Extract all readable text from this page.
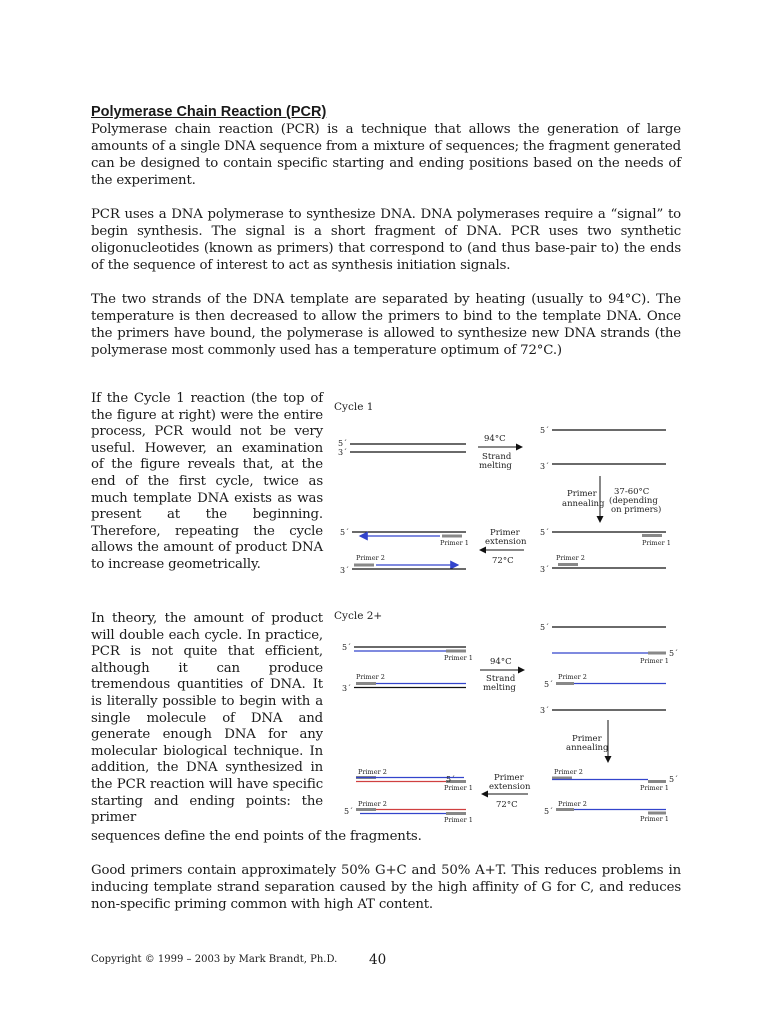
Polymerase Chain Reaction (PCR)

Polymerase chain reaction (PCR) is a technique that allows the generation of large amounts of a single DNA sequence from a mixture of sequences; the fragment generated can be designed to contain specific starting and ending positions based on the needs of the experiment.

PCR uses a DNA polymerase to synthesize DNA. DNA polymerases require a “signal” to begin synthesis. The signal is a short fragment of DNA. PCR uses two synthetic oligonucleotides (known as primers) that correspond to (and thus base-pair to) the ends of the sequence of interest to act as synthesis initiation signals.

The two strands of the DNA template are separated by heating (usually to 94°C). The temperature is then decreased to allow the primers to bind to the template DNA. Once the primers have bound, the polymerase is allowed to synthesize new DNA strands (the polymerase most commonly used has a temperature optimum of 72°C.)

If the Cycle 1 reaction (the top of the figure at right) were the entire process, PCR would not be very useful. However, an examination of the figure reveals that, at the end of the first cycle, twice as much template DNA exists as was present at the beginning. Therefore, repeating the cycle allows the amount of product DNA to increase geometrically.

In theory, the amount of product will double each cycle. In practice, PCR is not quite that efficient, although it can produce tremendous quantities of DNA. It is literally possible to begin with a single molecule of DNA and generate enough DNA for any molecular biological technique. In addition, the DNA synthesized in the PCR reaction will have specific starting and ending points: the primer

sequences define the end points of the fragments.

Good primers contain approximately 50% G+C and 50% A+T. This reduces problems in inducing template strand separation caused by the high affinity of G for C, and reduces non-specific priming common with high AT content.

Cycle 1
5´
3´
94°C
Strand
melting
5´
3´
Primer
annealing
37-60°C
(depending
on primers)
5´
Primer 1
Primer 2
3´
Primer
extension
72°C
5´
Primer 1
Primer 2
3´
Cycle 2+
5´
Primer 1
Primer 2
3´
94°C
Strand
melting
5´
5´
Primer 1
Primer 2
5´
3´
Primer
annealing
Primer 2
5´
Primer 1
Primer 2
5´
Primer 1
Primer
extension
72°C
Primer 2
5´
Primer 1
Primer 2
5´
Primer 1
Copyright © 1999 – 2003 by Mark Brandt, Ph.D. 40
